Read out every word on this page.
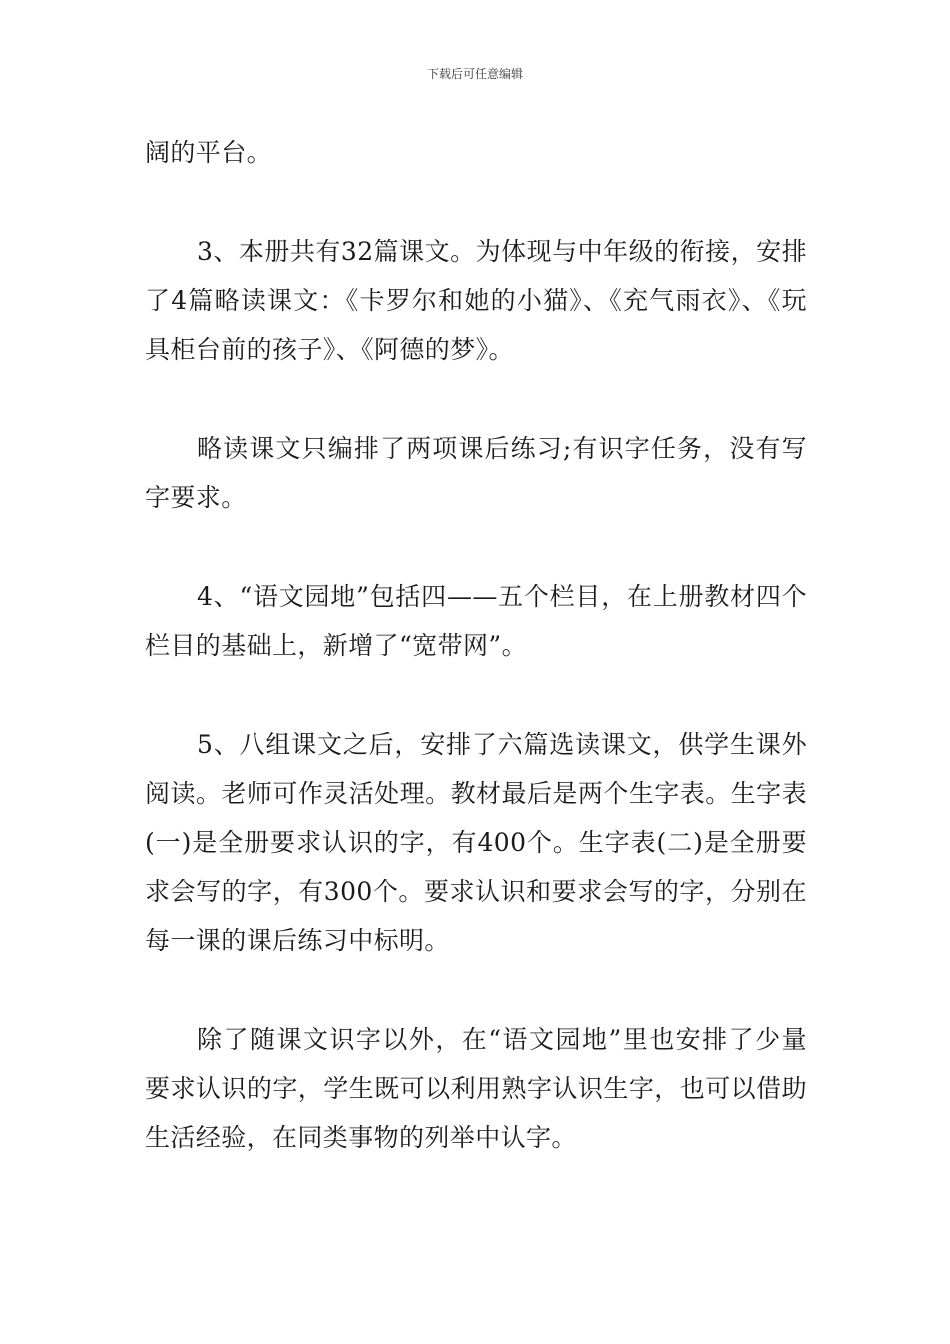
下载后可任意编辑

阔的平台。

3、本册共有32篇课文。为体现与中年级的衔接，安排了4篇略读课文：《卡罗尔和她的小猫》、《充气雨衣》、《玩具柜台前的孩子》、《阿德的梦》。

略读课文只编排了两项课后练习;有识字任务，没有写字要求。

4、“语文园地”包括四——五个栏目，在上册教材四个栏目的基础上，新增了“宽带网”。

5、八组课文之后，安排了六篇选读课文，供学生课外阅读。老师可作灵活处理。教材最后是两个生字表。生字表(一)是全册要求认识的字，有400个。生字表(二)是全册要求会写的字，有300个。要求认识和要求会写的字，分别在每一课的课后练习中标明。

除了随课文识字以外，在“语文园地”里也安排了少量要求认识的字，学生既可以利用熟字认识生字，也可以借助生活经验，在同类事物的列举中认字。
